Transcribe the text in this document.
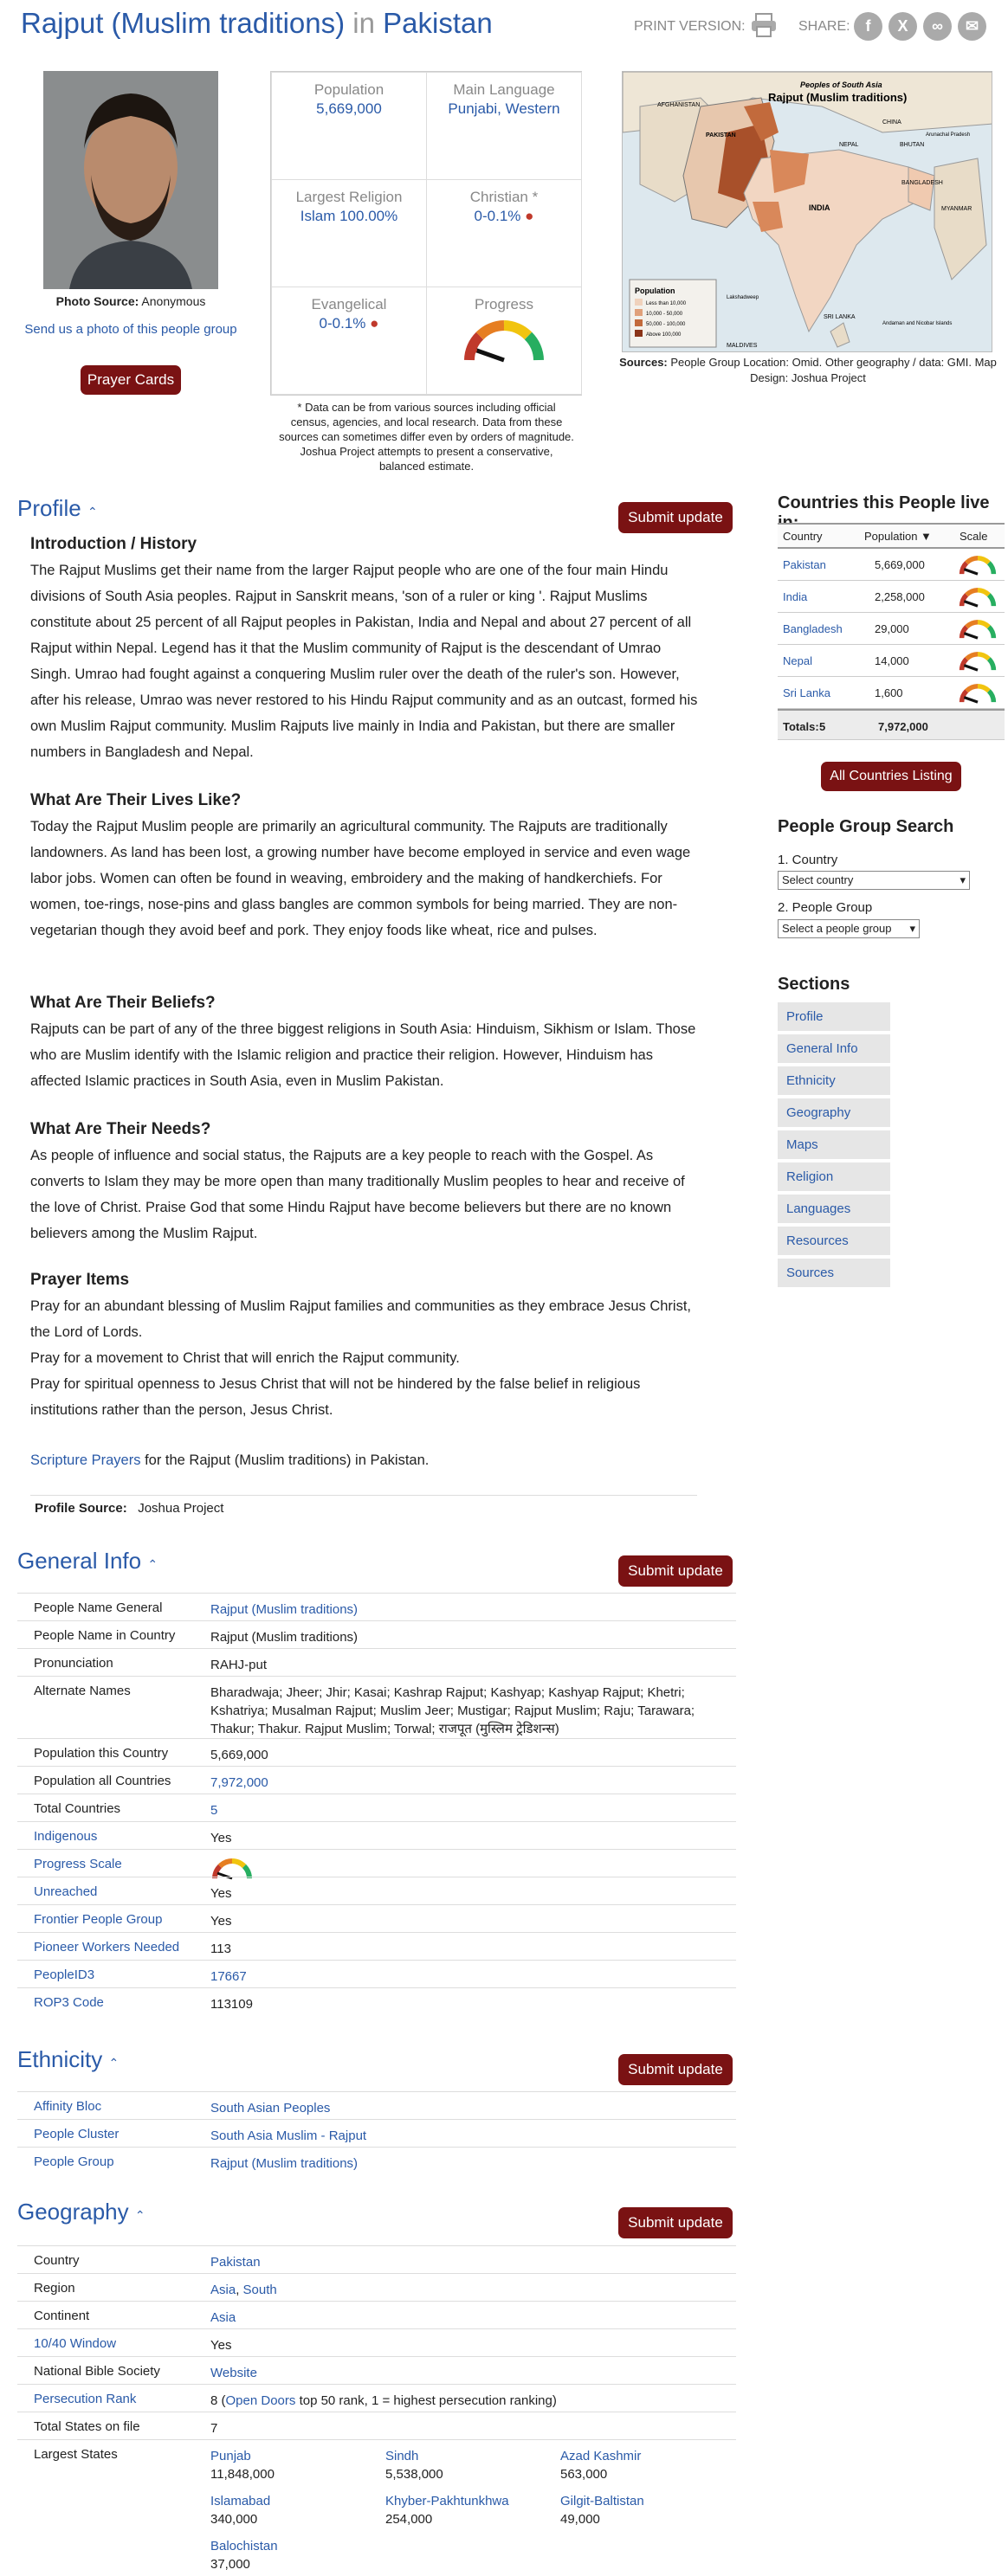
Rajput (Muslim traditions) in Pakistan	PRINT VERSION:	SHARE: f	X	∞	✉
Photo Source: Anonymous
Send us a photo of this people group
Prayer Cards
Population
5,669,000
Main Language
Punjabi, Western
Largest Religion
Islam 100.00%
Christian *
0-0.1% ●
Evangelical
0-0.1% ●
Progress
* Data can be from various sources including official census, agencies, and local research. Data from these sources can sometimes differ even by orders of magnitude. Joshua Project attempts to present a conservative, balanced estimate.
Peoples of South Asia
Rajput (Muslim traditions)
AFGHANISTAN
PAKISTAN
CHINA
NEPAL	BHUTAN
BANGLADESH
MYANMAR
INDIA
SRI LANKA
MALDIVES
Lakshadweep
Andaman and Nicobar Islands
Arunachal Pradesh
Population
Less than 10,000
10,000 - 50,000
50,000 - 100,000
Above 100,000
Sources: People Group Location: Omid. Other geography / data: GMI. Map Design: Joshua Project
Profile ⌃	Submit update
Introduction / History
The Rajput Muslims get their name from the larger Rajput people who are one of the four main Hindu divisions of South Asia peoples. Rajput in Sanskrit means, 'son of a ruler or king '. Rajput Muslims constitute about 25 percent of all Rajput peoples in Pakistan, India and Nepal and about 27 percent of all Rajput within Nepal. Legend has it that the Muslim community of Rajput is the descendant of Umrao Singh. Umrao had fought against a conquering Muslim ruler over the death of the ruler's son. However, after his release, Umrao was never restored to his Hindu Rajput community and as an outcast, formed his own Muslim Rajput community. Muslim Rajputs live mainly in India and Pakistan, but there are smaller numbers in Bangladesh and Nepal.
What Are Their Lives Like?
Today the Rajput Muslim people are primarily an agricultural community. The Rajputs are traditionally landowners. As land has been lost, a growing number have become employed in service and even wage labor jobs. Women can often be found in weaving, embroidery and the making of handkerchiefs. For women, toe-rings, nose-pins and glass bangles are common symbols for being married. They are non-vegetarian though they avoid beef and pork. They enjoy foods like wheat, rice and pulses.
What Are Their Beliefs?
Rajputs can be part of any of the three biggest religions in South Asia: Hinduism, Sikhism or Islam. Those who are Muslim identify with the Islamic religion and practice their religion. However, Hinduism has affected Islamic practices in South Asia, even in Muslim Pakistan.
What Are Their Needs?
As people of influence and social status, the Rajputs are a key people to reach with the Gospel. As converts to Islam they may be more open than many traditionally Muslim peoples to hear and receive of the love of Christ. Praise God that some Hindu Rajput have become believers but there are no known believers among the Muslim Rajput.
Prayer Items
Pray for an abundant blessing of Muslim Rajput families and communities as they embrace Jesus Christ, the Lord of Lords.
Pray for a movement to Christ that will enrich the Rajput community.
Pray for spiritual openness to Jesus Christ that will not be hindered by the false belief in religious institutions rather than the person, Jesus Christ.
Scripture Prayers for the Rajput (Muslim traditions) in Pakistan.
Profile Source: Joshua Project
General Info ⌃	Submit update
People Name General	Rajput (Muslim traditions)
People Name in Country	Rajput (Muslim traditions)
Pronunciation	RAHJ-put
Alternate Names	Bharadwaja; Jheer; Jhir; Kasai; Kashrap Rajput; Kashyap; Kashyap Rajput; Khetri; Kshatriya; Musalman Rajput; Muslim Jeer; Mustigar; Rajput Muslim; Raju; Tarawara; Thakur; Thakur. Rajput Muslim; Torwal; राजपूत (मुस्लिम ट्रेडिशन्स)
Population this Country	5,669,000
Population all Countries	7,972,000
Total Countries	5
Indigenous	Yes
Progress Scale
Unreached	Yes
Frontier People Group	Yes
Pioneer Workers Needed 113
PeopleID3	17667
ROP3 Code	113109
Ethnicity ⌃	Submit update
Affinity Bloc	South Asian Peoples
People Cluster	South Asia Muslim - Rajput
People Group	Rajput (Muslim traditions)
Geography ⌃	Submit update
Country	Pakistan
Region	Asia, South
Continent	Asia
10/40 Window	Yes
National Bible Society	Website
Persecution Rank	8 (Open Doors top 50 rank, 1 = highest persecution ranking)
Total States on file	7
Largest States	Punjab
11,848,000
Sindh
5,538,000
Azad Kashmir
563,000
Islamabad
340,000
Khyber-Pakhtunkhwa
254,000
Gilgit-Baltistan
49,000
Balochistan
37,000
Countries this People live
Country	Population ▼ Scale
Pakistan	5,669,000
India	2,258,000
Bangladesh	29,000
Nepal	14,000
Sri Lanka	1,600
Totals: 5	7,972,000
All Countries Listing
People Group Search
1. Country
Select country	▾
2. People Group
Select a people group ▾
Sections
Profile
General Info
Ethnicity
Geography
Maps
Religion
Languages
Resources
Sources
